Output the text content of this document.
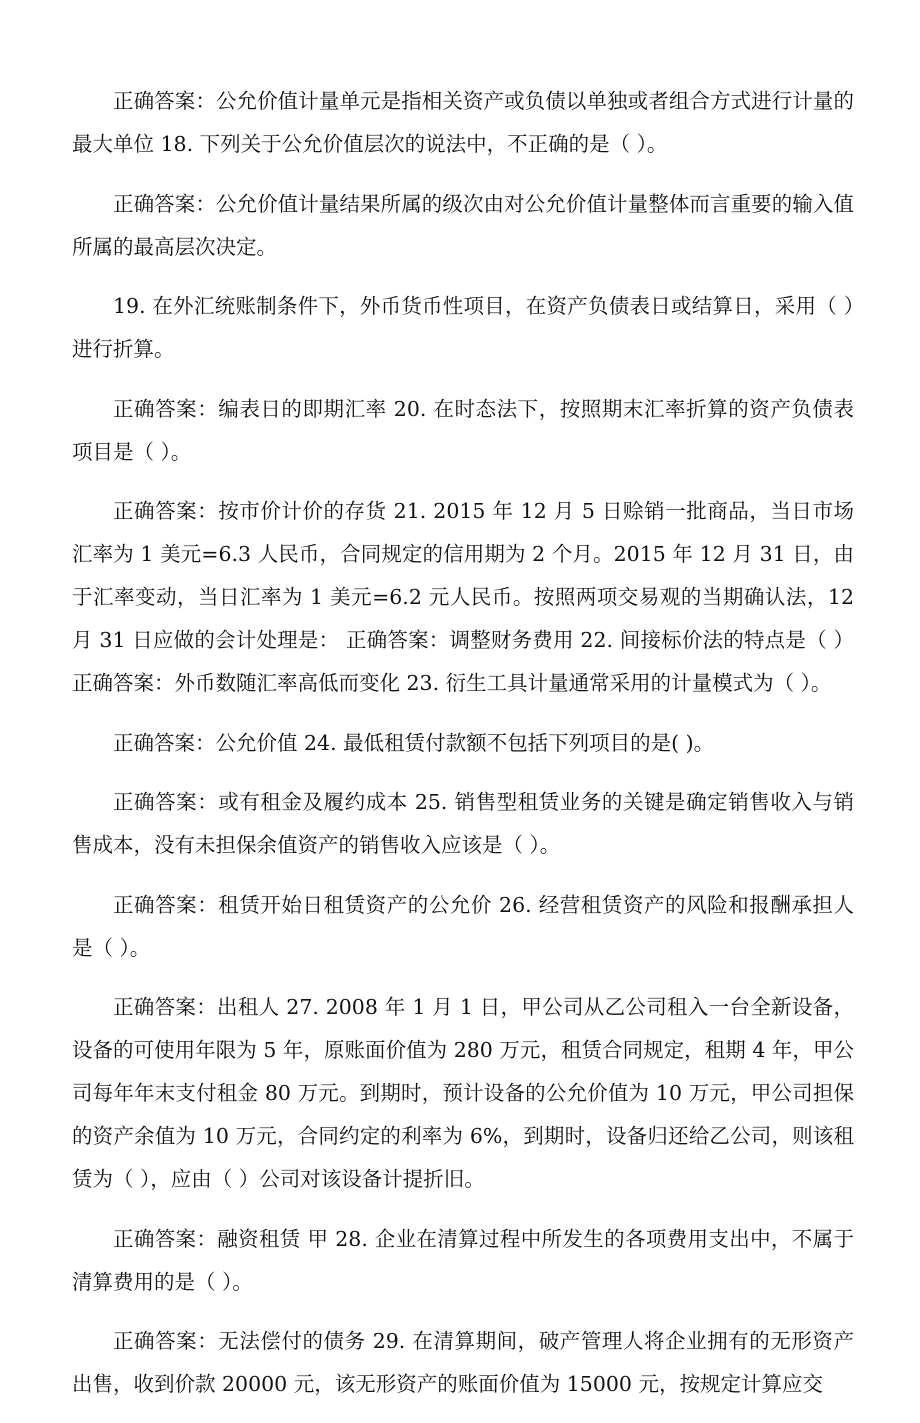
正确答案：公允价值计量单元是指相关资产或负债以单独或者组合方式进行计量的最大单位 18. 下列关于公允价值层次的说法中，不正确的是（ ）。

正确答案：公允价值计量结果所属的级次由对公允价值计量整体而言重要的输入值所属的最高层次决定。

19. 在外汇统账制条件下，外币货币性项目，在资产负债表日或结算日，采用（ ）进行折算。

正确答案：编表日的即期汇率 20. 在时态法下，按照期末汇率折算的资产负债表项目是（ ）。

正确答案：按市价计价的存货 21. 2015 年 12 月 5 日赊销一批商品，当日市场汇率为 1 美元=6.3 人民币，合同规定的信用期为 2 个月。2015 年 12 月 31 日，由于汇率变动，当日汇率为 1 美元=6.2 元人民币。按照两项交易观的当期确认法，12 月 31 日应做的会计处理是： 正确答案：调整财务费用 22. 间接标价法的特点是（ ） 正确答案：外币数随汇率高低而变化 23. 衍生工具计量通常采用的计量模式为（ ）。

正确答案：公允价值 24. 最低租赁付款额不包括下列项目的是( )。

正确答案：或有租金及履约成本 25. 销售型租赁业务的关键是确定销售收入与销售成本，没有未担保余值资产的销售收入应该是（ ）。

正确答案：租赁开始日租赁资产的公允价 26. 经营租赁资产的风险和报酬承担人是（ ）。

正确答案：出租人 27. 2008 年 1 月 1 日，甲公司从乙公司租入一台全新设备，设备的可使用年限为 5 年，原账面价值为 280 万元，租赁合同规定，租期 4 年，甲公司每年年末支付租金 80 万元。到期时，预计设备的公允价值为 10 万元，甲公司担保的资产余值为 10 万元，合同约定的利率为 6%，到期时，设备归还给乙公司，则该租赁为（ ），应由（ ）公司对该设备计提折旧。

正确答案：融资租赁 甲 28. 企业在清算过程中所发生的各项费用支出中，不属于清算费用的是（ ）。

正确答案：无法偿付的债务 29. 在清算期间，破产管理人将企业拥有的无形资产出售，收到价款 20000 元，该无形资产的账面价值为 15000 元，按规定计算应交
